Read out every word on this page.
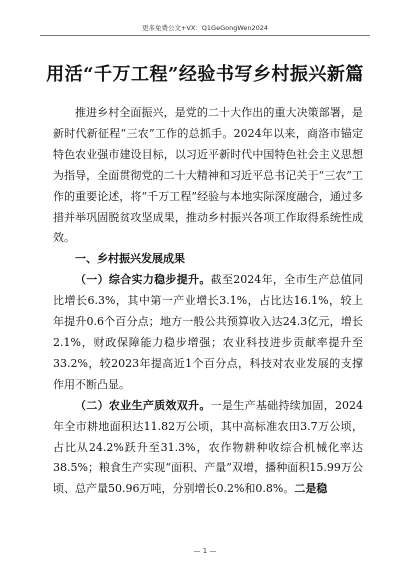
更多免费公文+VX：Q1GeGongWen2024
用活“千万工程”经验书写乡村振兴新篇

推进乡村全面振兴，是党的二十大作出的重大决策部署，是新时代新征程“三农”工作的总抓手。2024年以来，商洛市锚定特色农业强市建设目标，以习近平新时代中国特色社会主义思想为指导，全面贯彻党的二十大精神和习近平总书记关于“三农”工作的重要论述，将“千万工程”经验与本地实际深度融合，通过多措并举巩固脱贫攻坚成果，推动乡村振兴各项工作取得系统性成效。

一、乡村振兴发展成果

（一）综合实力稳步提升。截至2024年，全市生产总值同比增长6.3%，其中第一产业增长3.1%，占比达16.1%，较上年提升0.6个百分点；地方一般公共预算收入达24.3亿元，增长2.1%，财政保障能力稳步增强；农业科技进步贡献率提升至33.2%，较2023年提高近1个百分点，科技对农业发展的支撑作用不断凸显。

（二）农业生产质效双升。一是生产基础持续加固，2024年全市耕地面积达11.82万公顷，其中高标准农田3.7万公顷，占比从24.2%跃升至31.3%，农作物耕种收综合机械化率达38.5%；粮食生产实现“面积、产量”双增，播种面积15.99万公顷、总产量50.96万吨，分别增长0.2%和0.8%。二是稳

— 1 —
